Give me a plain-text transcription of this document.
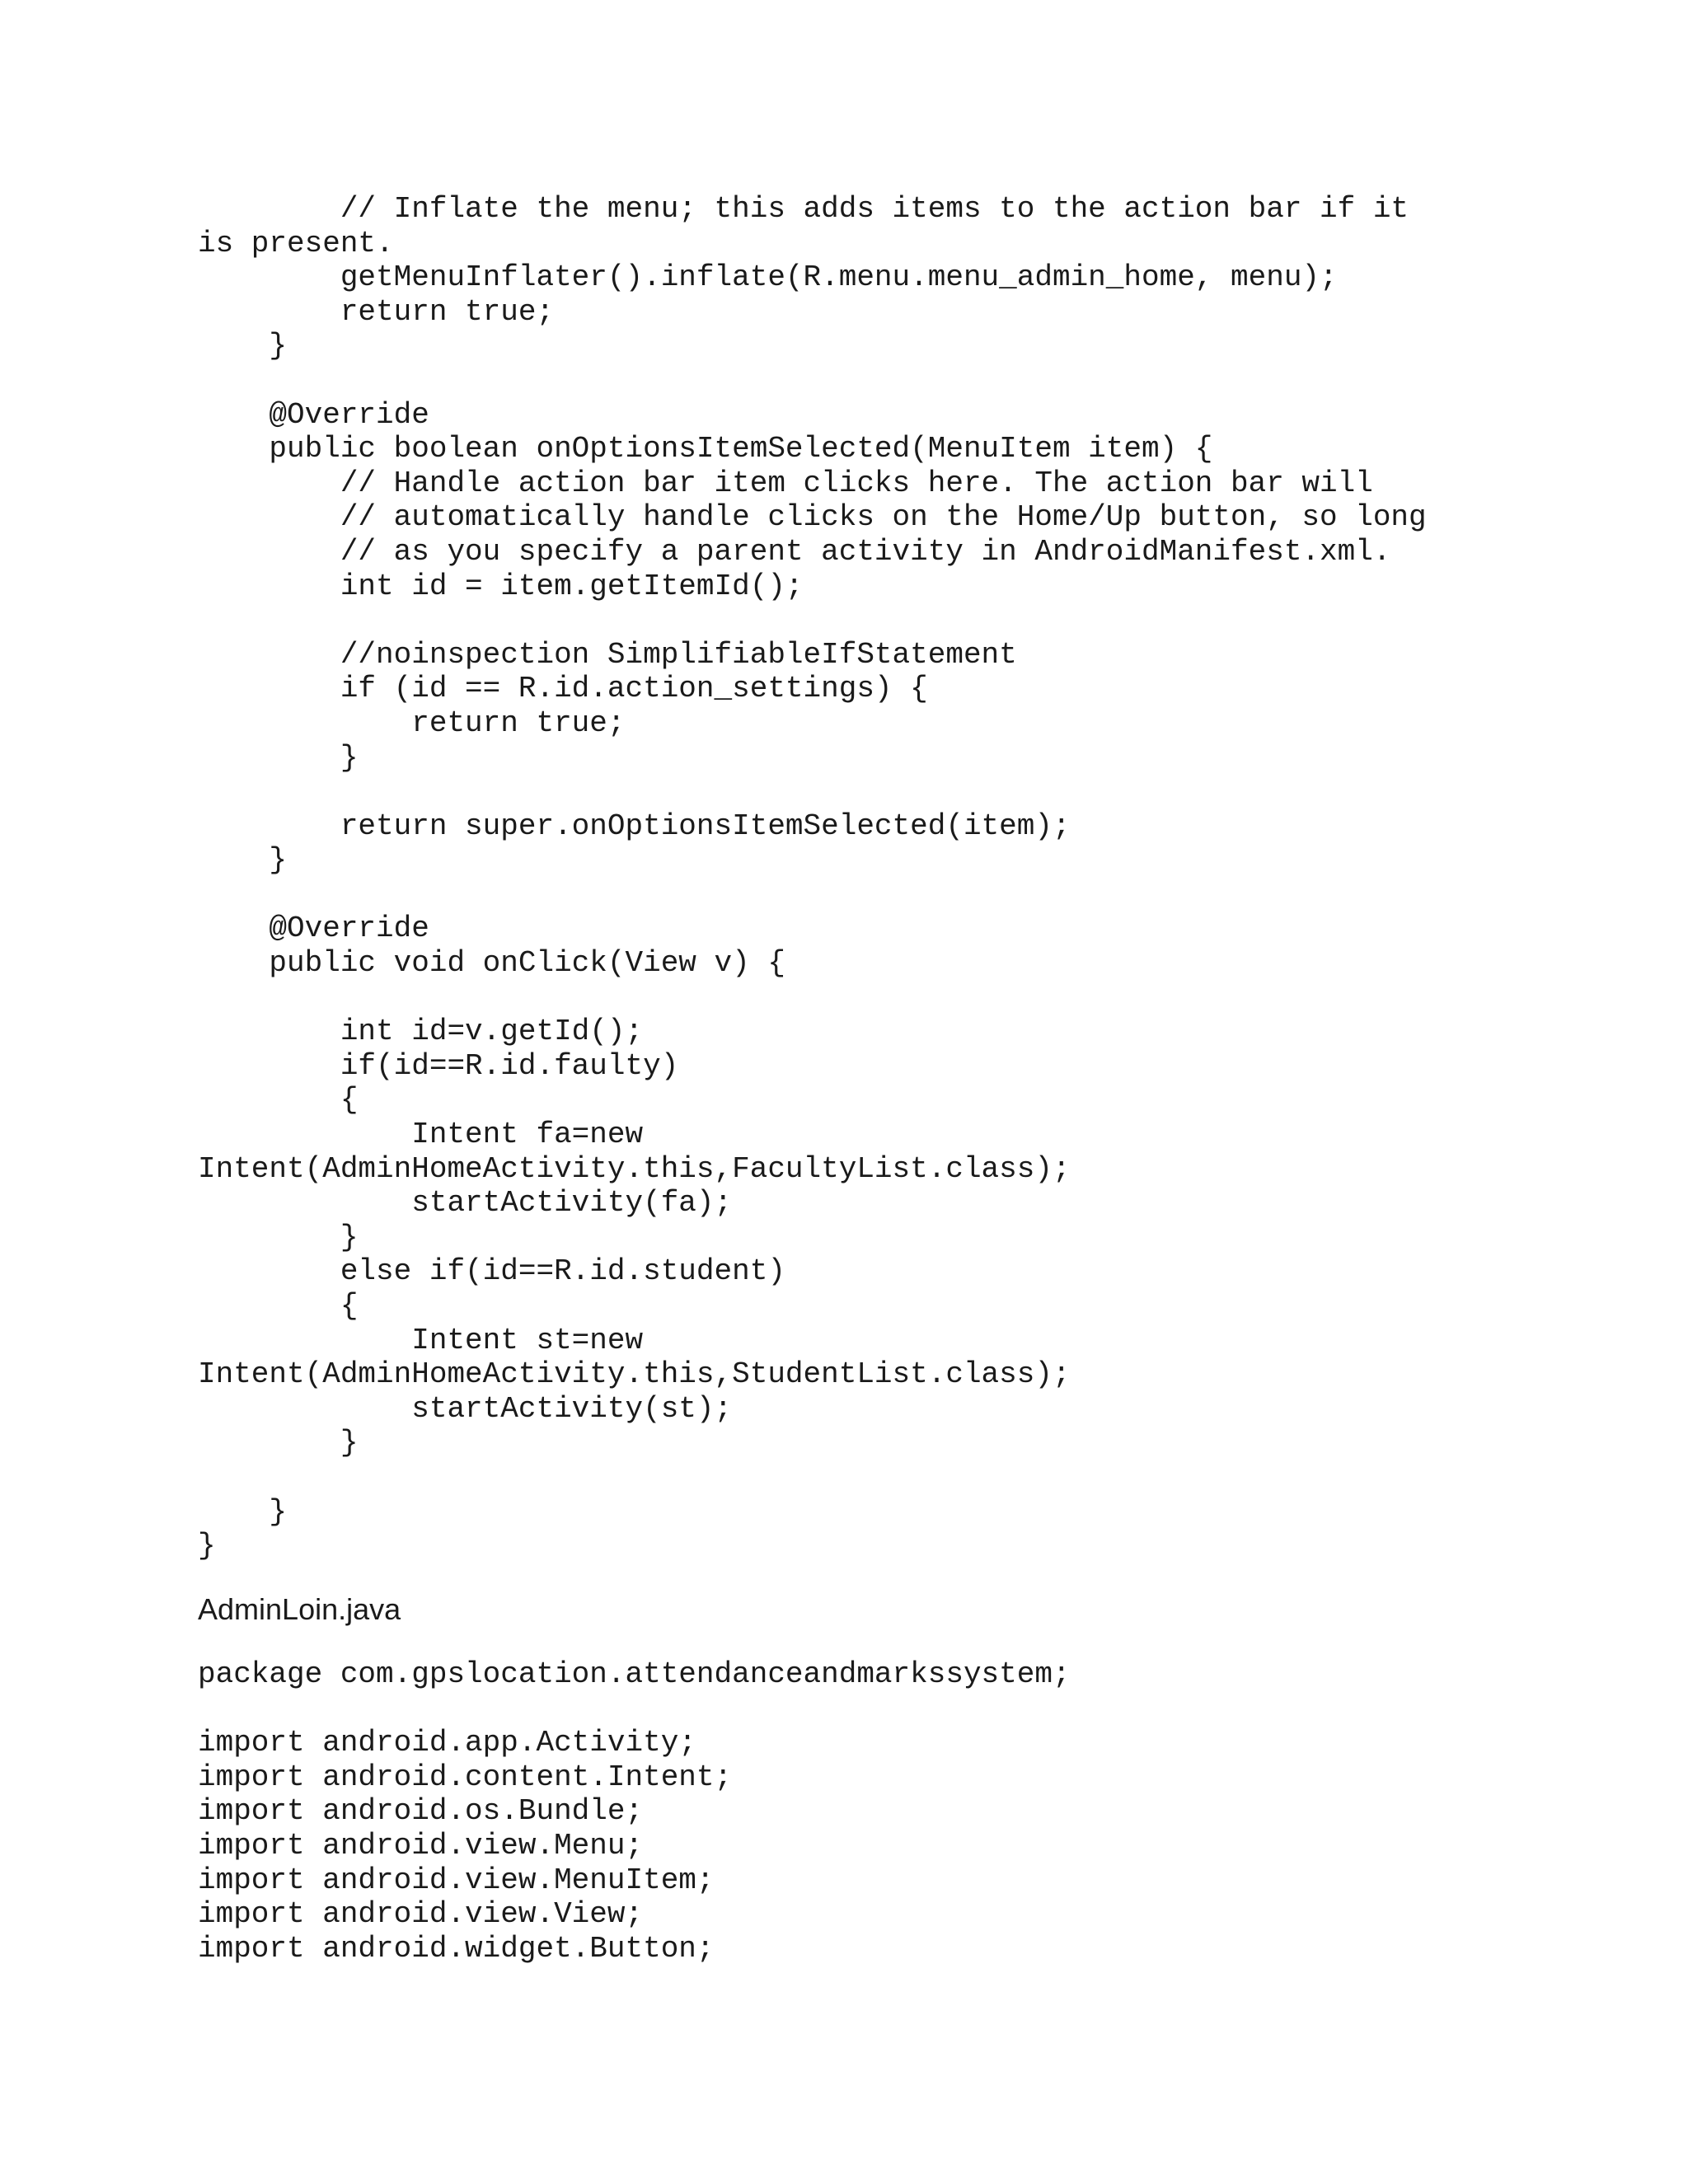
// Inflate the menu; this adds items to the action bar if it
is present.
getMenuInflater().inflate(R.menu.menu_admin_home, menu);
return true;
}
@Override
public boolean onOptionsItemSelected(MenuItem item) {
// Handle action bar item clicks here. The action bar will
// automatically handle clicks on the Home/Up button, so long
// as you specify a parent activity in AndroidManifest.xml.
int id = item.getItemId();
//noinspection SimplifiableIfStatement
if (id == R.id.action_settings) {
return true;
}
return super.onOptionsItemSelected(item);
}
@Override
public void onClick(View v) {
int id=v.getId();
if(id==R.id.faulty)
{
Intent fa=new
Intent(AdminHomeActivity.this,FacultyList.class);
startActivity(fa);
}
else if(id==R.id.student)
{
Intent st=new
Intent(AdminHomeActivity.this,StudentList.class);
startActivity(st);
}
}
}
AdminLoin.java
package com.gpslocation.attendanceandmarkssystem;
import android.app.Activity;
import android.content.Intent;
import android.os.Bundle;
import android.view.Menu;
import android.view.MenuItem;
import android.view.View;
import android.widget.Button;
